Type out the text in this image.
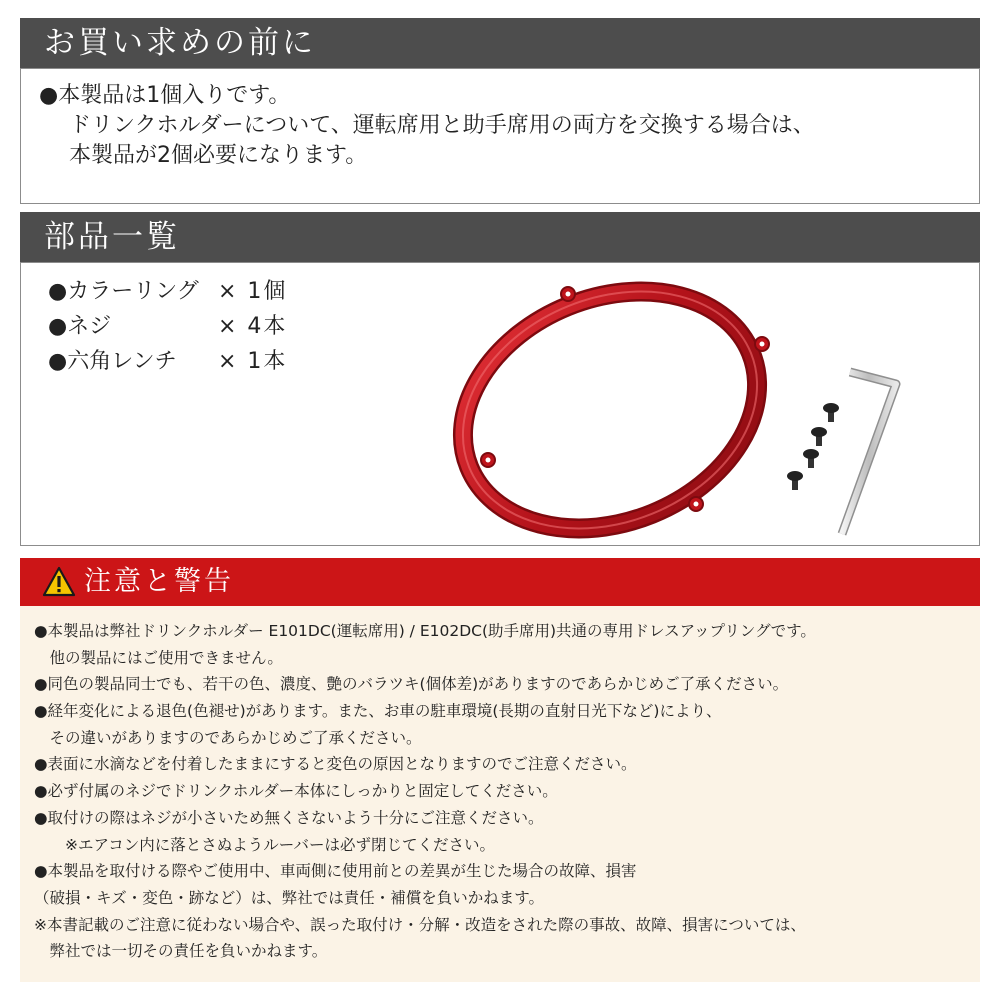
お買い求めの前に
●本製品は1個入りです。
ドリンクホルダーについて、運転席用と助手席用の両方を交換する場合は、
本製品が2個必要になります。
部品一覧
●カラーリング × 1個
●ネジ	× 4本
●六角レンチ × 1本
注意と警告
●本製品は弊社ドリンクホルダー E101DC(運転席用) / E102DC(助手席用)共通の専用ドレスアップリングです。
　他の製品にはご使用できません。
●同色の製品同士でも、若干の色、濃度、艶のバラツキ(個体差)がありますのであらかじめご了承ください。
●経年変化による退色(色褪せ)があります。また、お車の駐車環境(長期の直射日光下など)により、
　その違いがありますのであらかじめご了承ください。
●表面に水滴などを付着したままにすると変色の原因となりますのでご注意ください。
●必ず付属のネジでドリンクホルダー本体にしっかりと固定してください。
●取付けの際はネジが小さいため無くさないよう十分にご注意ください。
　　※エアコン内に落とさぬようルーバーは必ず閉じてください。
●本製品を取付ける際やご使用中、車両側に使用前との差異が生じた場合の故障、損害
（破損・キズ・変色・跡など）は、弊社では責任・補償を負いかねます。
※本書記載のご注意に従わない場合や、誤った取付け・分解・改造をされた際の事故、故障、損害については、
　弊社では一切その責任を負いかねます。
